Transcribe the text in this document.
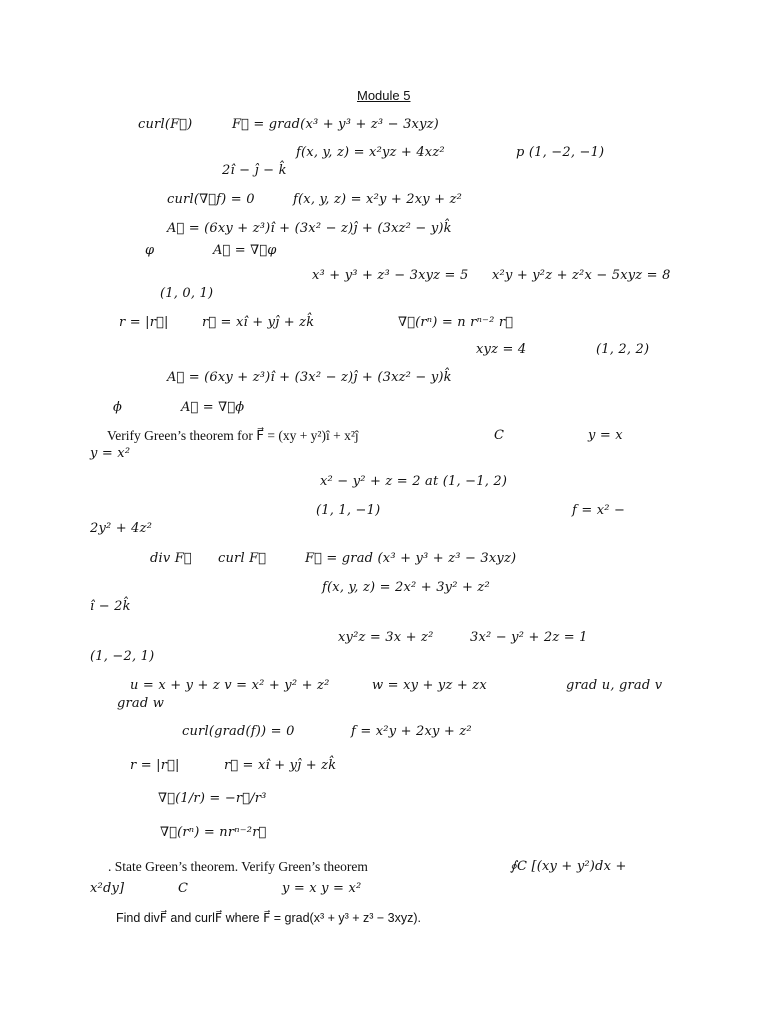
Module 5
curl(F⃗)	F⃗ = grad(x³ + y³ + z³ − 3xyz)
f(x, y, z) = x²yz + 4xz²	p (1, −2, −1)
2î − ĵ − k̂
curl(∇⃗f) = 0	f(x, y, z) = x²y + 2xy + z²
A⃗ = (6xy + z³)î + (3x² − z)ĵ + (3xz² − y)k̂
φ	A⃗ = ∇⃗φ
x³ + y³ + z³ − 3xyz = 5 x²y + y²z + z²x − 5xyz = 8
(1, 0, 1)
r = |r⃗|	r⃗ = xî + yĵ + zk̂	∇⃗(rⁿ) = n rⁿ⁻² r⃗
xyz = 4	(1, 2, 2)
A⃗ = (6xy + z³)î + (3x² − z)ĵ + (3xz² − y)k̂
ϕ	A⃗ = ∇⃗ϕ
Verify Green’s theorem for F⃗ = (xy + y²)î + x²ĵ	C	y = x
y = x²
x² − y² + z = 2 at (1, −1, 2)
(1, 1, −1)	f = x² −
2y² + 4z²
div F⃗ curl F⃗	F⃗ = grad (x³ + y³ + z³ − 3xyz)
f(x, y, z) = 2x² + 3y² + z²
î − 2k̂
xy²z = 3x + z²	3x² − y² + 2z = 1
(1, −2, 1)
u = x + y + z v = x² + y² + z²	w = xy + yz + zx	grad u, grad v
grad w
curl(grad(f)) = 0	f = x²y + 2xy + z²
r = |r⃗|	r⃗ = xî + yĵ + zk̂
∇⃗(1/r) = −r⃗/r³
∇⃗(rⁿ) = nrⁿ⁻²r⃗
. State Green’s theorem. Verify Green’s theorem	∮C [(xy + y²)dx +
x²dy]	C	y = x y = x²
Find divF⃗ and curlF⃗ where F⃗ = grad(x³ + y³ + z³ − 3xyz).
